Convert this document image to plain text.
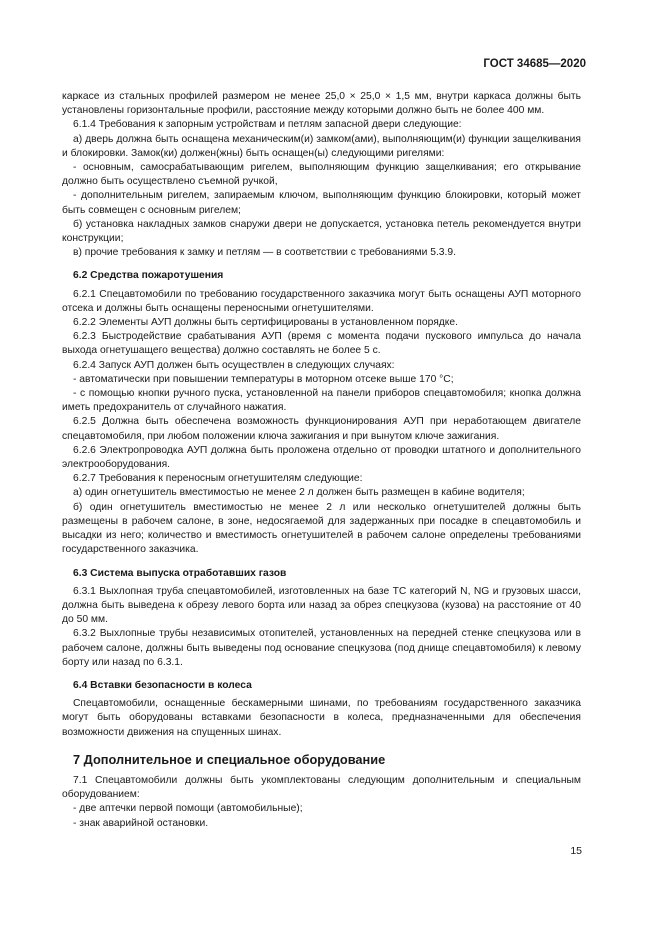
ГОСТ 34685—2020

каркасе из стальных профилей размером не менее 25,0 × 25,0 × 1,5 мм, внутри каркаса должны быть установлены горизонтальные профили, расстояние между которыми должно быть не более 400 мм.

6.1.4 Требования к запорным устройствам и петлям запасной двери следующие:

а) дверь должна быть оснащена механическим(и) замком(ами), выполняющим(и) функции защелкивания и блокировки. Замок(ки) должен(жны) быть оснащен(ы) следующими ригелями:

- основным, самосрабатывающим ригелем, выполняющим функцию защелкивания; его открывание должно быть осуществлено съемной ручкой,

- дополнительным ригелем, запираемым ключом, выполняющим функцию блокировки, который может быть совмещен с основным ригелем;

б) установка накладных замков снаружи двери не допускается, установка петель рекомендуется внутри конструкции;

в) прочие требования к замку и петлям — в соответствии с требованиями 5.3.9.

6.2 Средства пожаротушения

6.2.1 Спецавтомобили по требованию государственного заказчика могут быть оснащены АУП моторного отсека и должны быть оснащены переносными огнетушителями.

6.2.2 Элементы АУП должны быть сертифицированы в установленном порядке.

6.2.3 Быстродействие срабатывания АУП (время с момента подачи пускового импульса до начала выхода огнетушащего вещества) должно составлять не более 5 с.

6.2.4 Запуск АУП должен быть осуществлен в следующих случаях:

- автоматически при повышении температуры в моторном отсеке выше 170 °C;

- с помощью кнопки ручного пуска, установленной на панели приборов спецавтомобиля; кнопка должна иметь предохранитель от случайного нажатия.

6.2.5 Должна быть обеспечена возможность функционирования АУП при неработающем двигателе спецавтомобиля, при любом положении ключа зажигания и при вынутом ключе зажигания.

6.2.6 Электропроводка АУП должна быть проложена отдельно от проводки штатного и дополнительного электрооборудования.

6.2.7 Требования к переносным огнетушителям следующие:

а) один огнетушитель вместимостью не менее 2 л должен быть размещен в кабине водителя;

б) один огнетушитель вместимостью не менее 2 л или несколько огнетушителей должны быть размещены в рабочем салоне, в зоне, недосягаемой для задержанных при посадке в спецавтомобиль и высадки из него; количество и вместимость огнетушителей в рабочем салоне определены требованиями государственного заказчика.

6.3 Система выпуска отработавших газов

6.3.1 Выхлопная труба спецавтомобилей, изготовленных на базе ТС категорий N, NG и грузовых шасси, должна быть выведена к обрезу левого борта или назад за обрез спецкузова (кузова) на расстояние от 40 до 50 мм.

6.3.2 Выхлопные трубы независимых отопителей, установленных на передней стенке спецкузова или в рабочем салоне, должны быть выведены под основание спецкузова (под днище спецавтомобиля) к левому борту или назад по 6.3.1.

6.4 Вставки безопасности в колеса

Спецавтомобили, оснащенные бескамерными шинами, по требованиям государственного заказчика могут быть оборудованы вставками безопасности в колеса, предназначенными для обеспечения возможности движения на спущенных шинах.

7 Дополнительное и специальное оборудование

7.1 Спецавтомобили должны быть укомплектованы следующим дополнительным и специальным оборудованием:

- две аптечки первой помощи (автомобильные);

- знак аварийной остановки.

15
